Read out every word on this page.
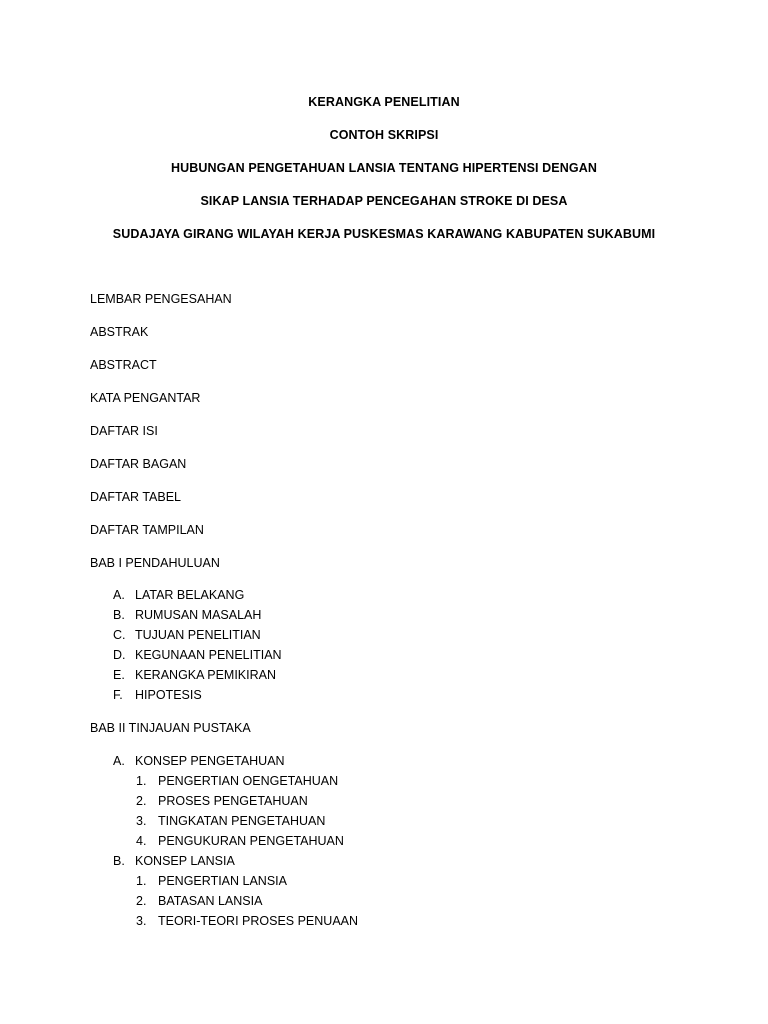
KERANGKA PENELITIAN
CONTOH SKRIPSI
HUBUNGAN PENGETAHUAN LANSIA TENTANG HIPERTENSI DENGAN
SIKAP LANSIA TERHADAP PENCEGAHAN STROKE DI DESA
SUDAJAYA GIRANG WILAYAH KERJA PUSKESMAS KARAWANG KABUPATEN SUKABUMI
LEMBAR PENGESAHAN
ABSTRAK
ABSTRACT
KATA PENGANTAR
DAFTAR ISI
DAFTAR BAGAN
DAFTAR TABEL
DAFTAR TAMPILAN
BAB I PENDAHULUAN
A. LATAR BELAKANG
B. RUMUSAN MASALAH
C. TUJUAN PENELITIAN
D. KEGUNAAN PENELITIAN
E. KERANGKA PEMIKIRAN
F. HIPOTESIS
BAB II TINJAUAN PUSTAKA
A. KONSEP PENGETAHUAN
1. PENGERTIAN OENGETAHUAN
2. PROSES PENGETAHUAN
3. TINGKATAN PENGETAHUAN
4. PENGUKURAN PENGETAHUAN
B. KONSEP LANSIA
1. PENGERTIAN LANSIA
2. BATASAN LANSIA
3. TEORI-TEORI PROSES PENUAAN
